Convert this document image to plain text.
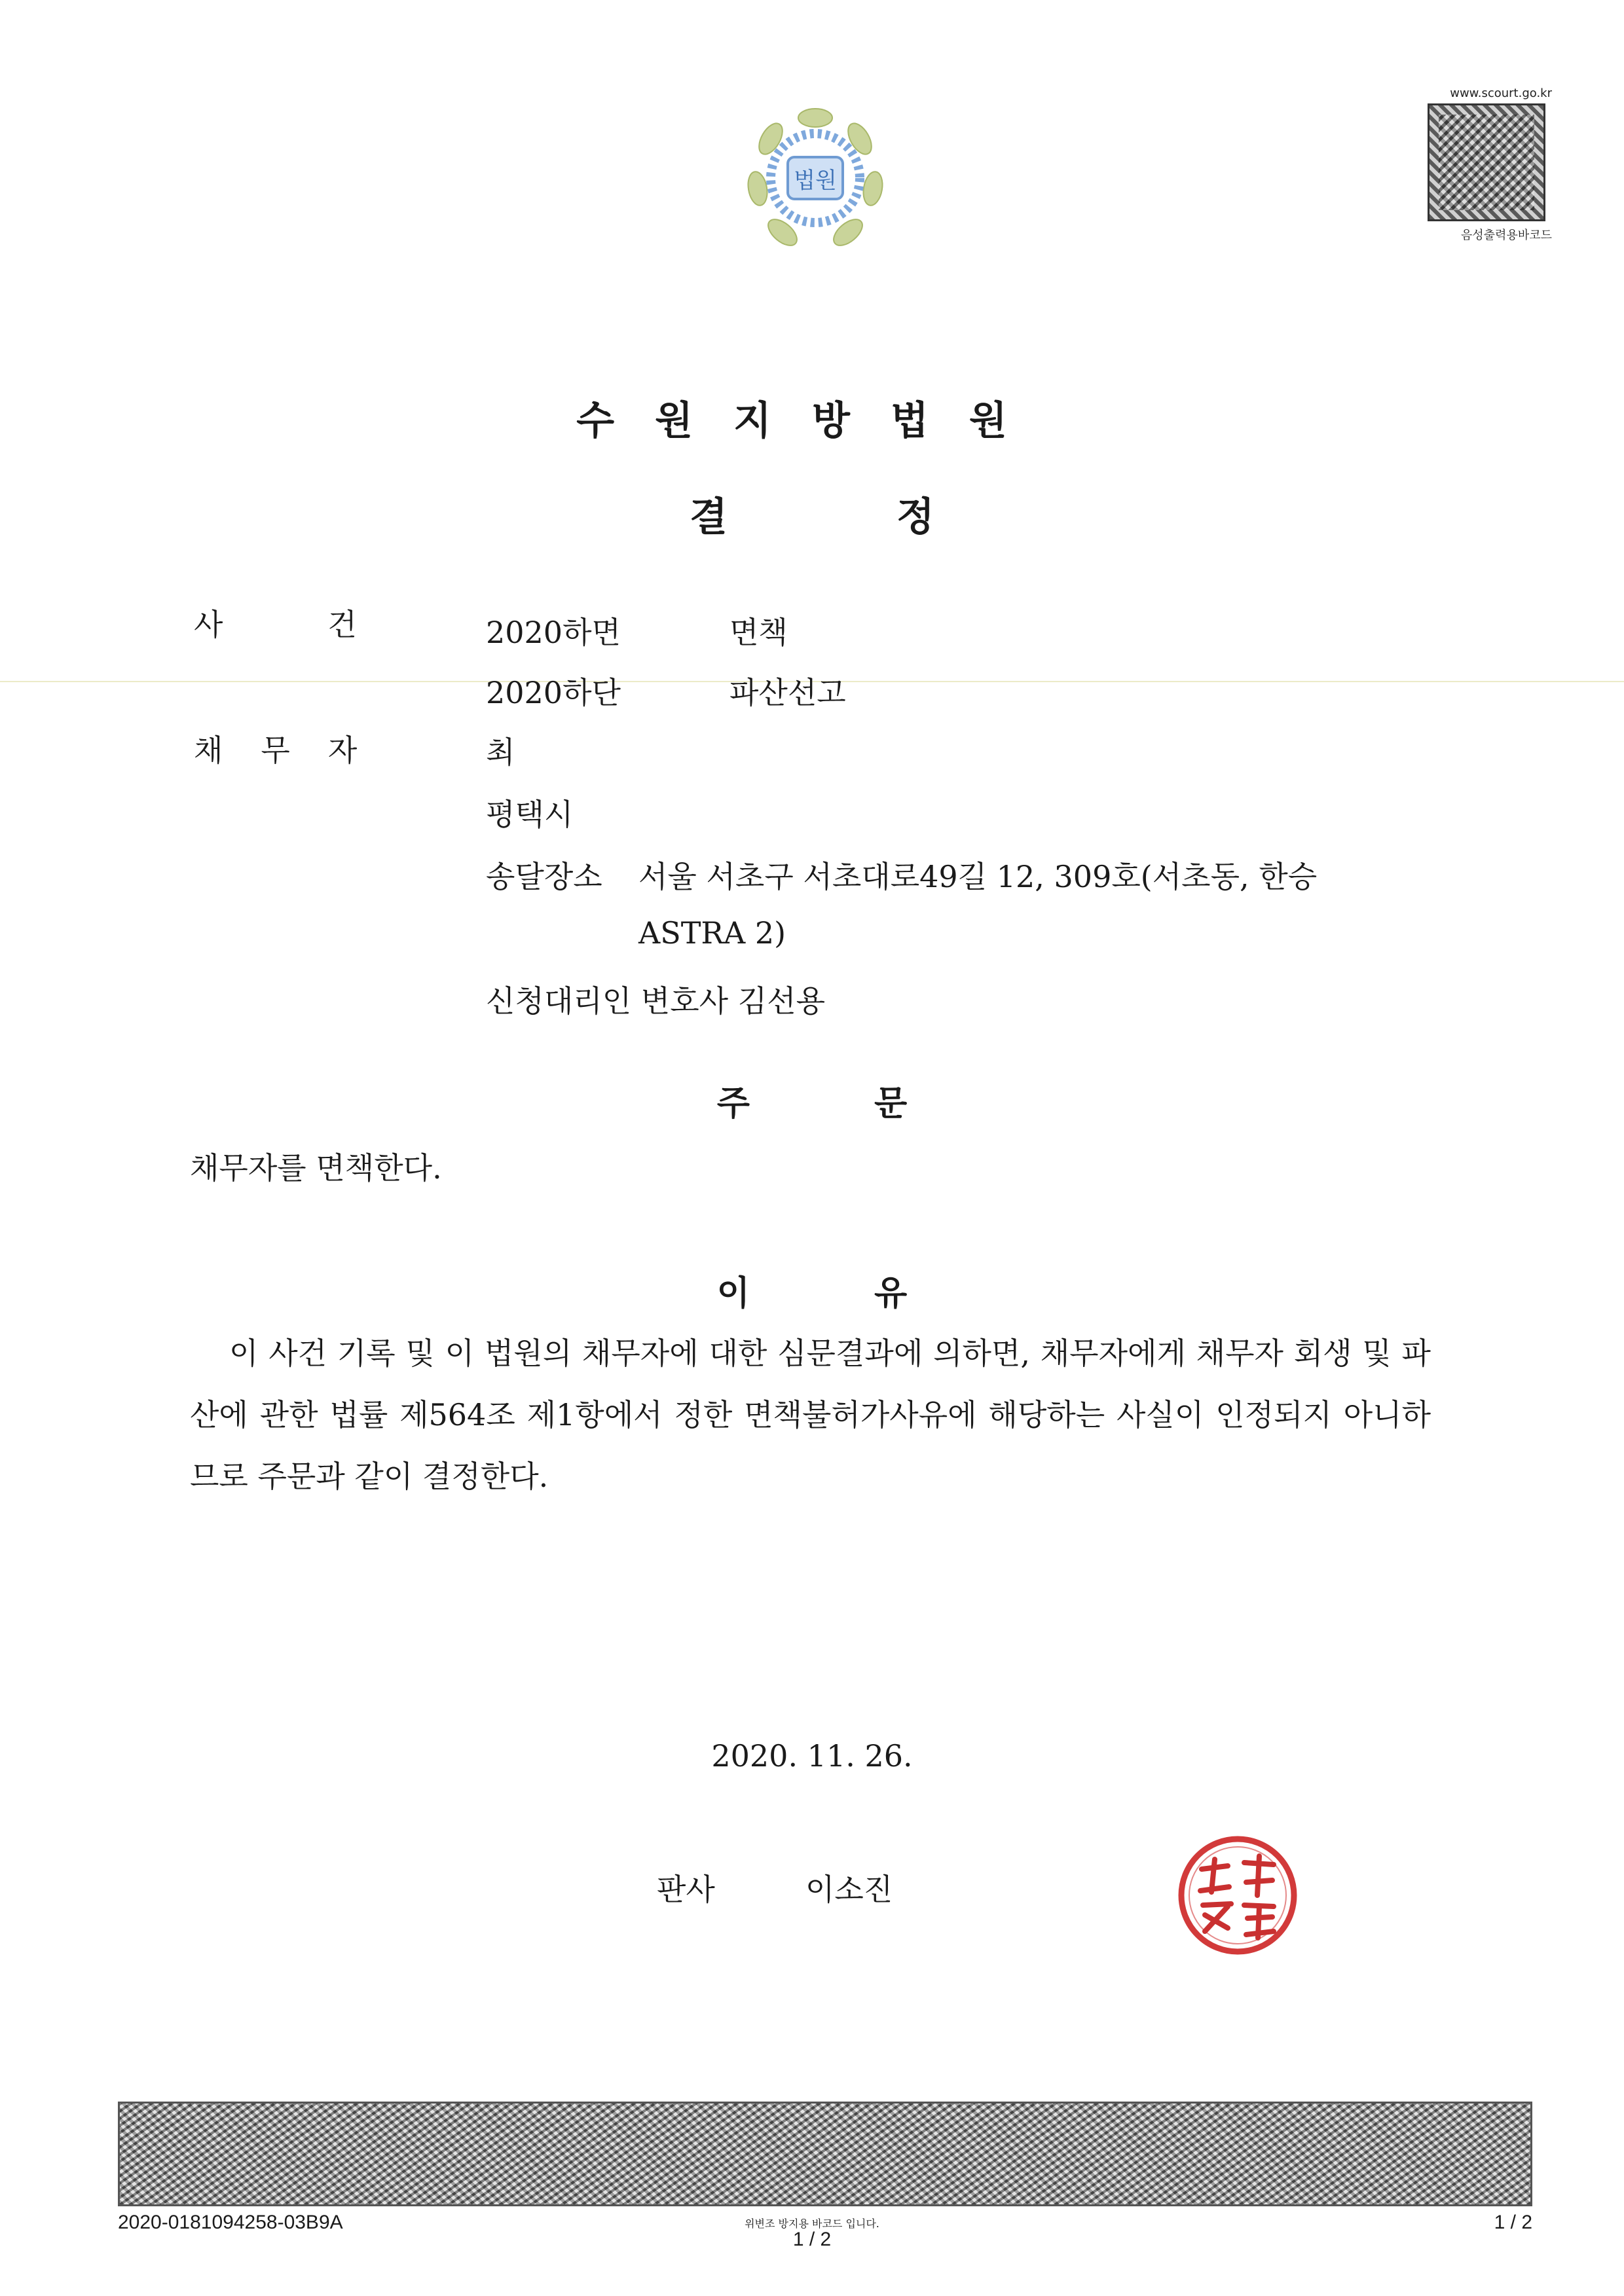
법원
www.scourt.go.kr
음성출력용바코드
수원지방법원
결정
사건 2020하면	면책
2020하단	파산선고
채무자	최
평택시
송달장소 서울 서초구 서초대로49길 12, 309호(서초동, 한승
ASTRA 2)
신청대리인 변호사 김선용
주문
채무자를 면책한다.
이유
이 사건 기록 및 이 법원의 채무자에 대한 심문결과에 의하면, 채무자에게 채무자 회생 및 파산에 관한 법률 제564조 제1항에서 정한 면책불허가사유에 해당하는 사실이 인정되지 아니하므로 주문과 같이 결정한다.
2020. 11. 26.
판사	이소진
2020-0181094258-03B9A	위변조 방지용 바코드 입니다.
1 / 2
1 / 2
